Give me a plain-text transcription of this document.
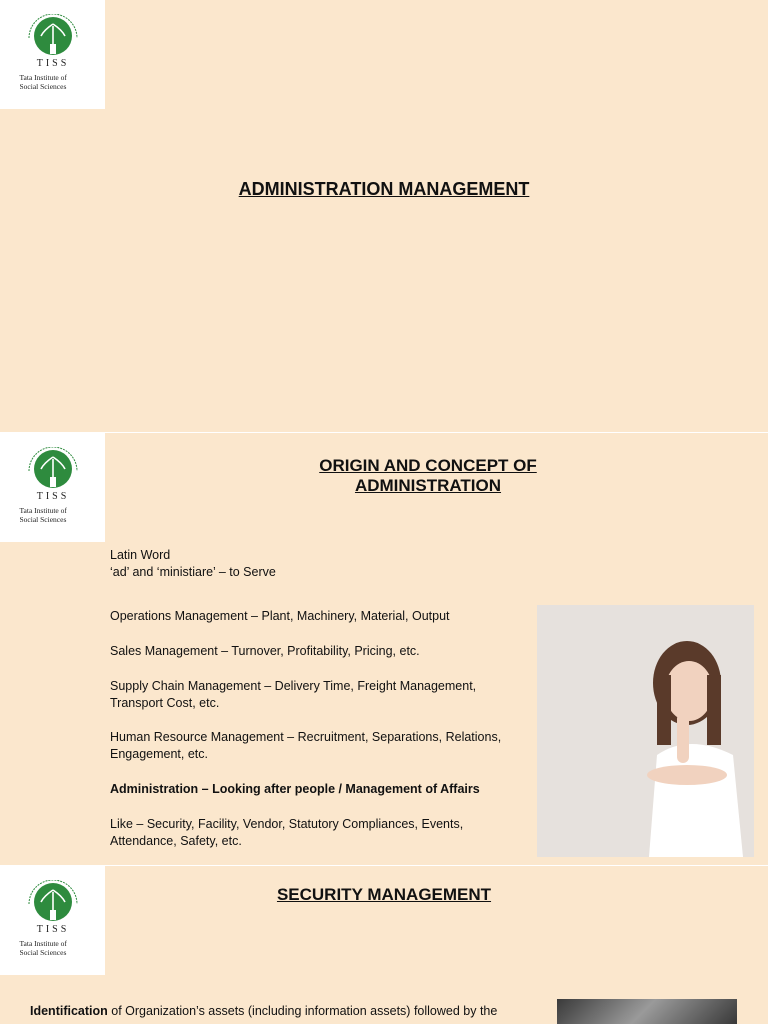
TISS
Tata Institute of
Social Sciences
ADMINISTRATION MANAGEMENT
TISS
Tata Institute of
Social Sciences
ORIGIN AND CONCEPT OF ADMINISTRATION
Latin Word
‘ad’ and ‘ministiare’ – to Serve
Operations Management – Plant, Machinery, Material, Output
Sales Management – Turnover, Profitability, Pricing, etc.
Supply Chain Management – Delivery Time, Freight Management,
Transport Cost, etc.
Human Resource Management – Recruitment, Separations, Relations,
Engagement, etc.
Administration – Looking after people / Management of Affairs
Like – Security, Facility, Vendor, Statutory Compliances, Events,
Attendance, Safety, etc.
TISS
Tata Institute of
Social Sciences
SECURITY MANAGEMENT
Identification of Organization’s assets (including information assets) followed by the
